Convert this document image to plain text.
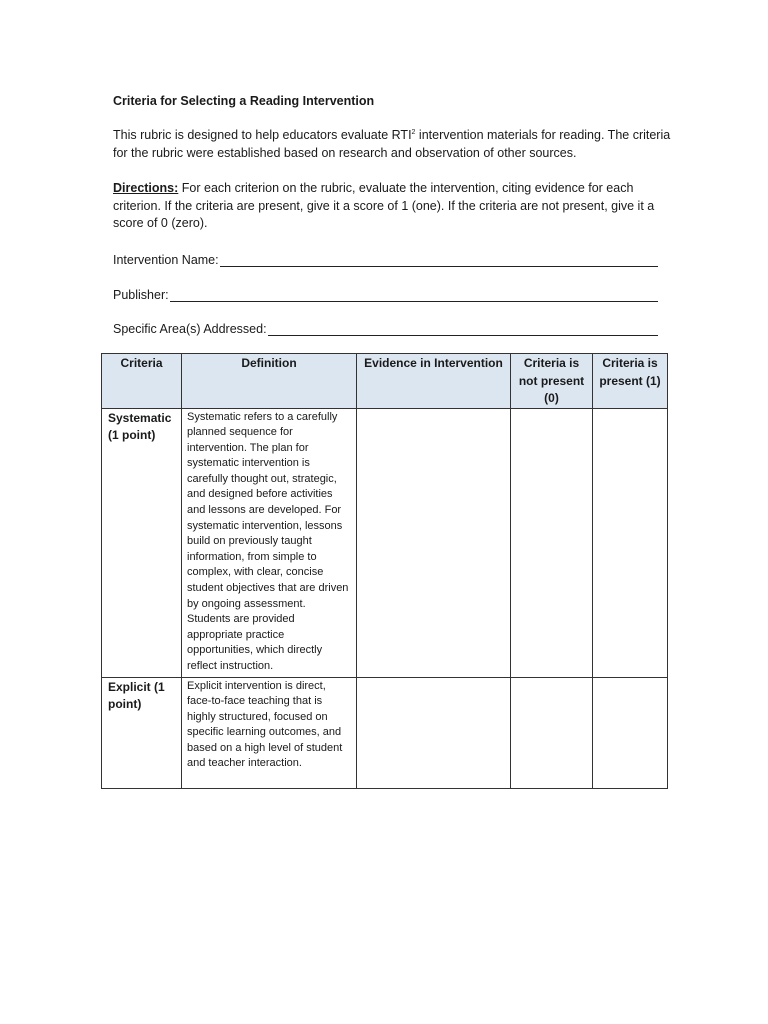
Criteria for Selecting a Reading Intervention
This rubric is designed to help educators evaluate RTI$^2$ intervention materials for reading. The criteria for the rubric were established based on research and observation of other sources.
Directions: For each criterion on the rubric, evaluate the intervention, citing evidence for each criterion. If the criteria are present, give it a score of 1 (one). If the criteria are not present, give it a score of 0 (zero).
Intervention Name:
Publisher:
Specific Area(s) Addressed:
Criteria	Definition	Evidence in Intervention	Criteria is not present (0)	Criteria is present (1)
Systematic (1 point)	Systematic refers to a carefully planned sequence for intervention. The plan for systematic intervention is carefully thought out, strategic, and designed before activities and lessons are developed. For systematic intervention, lessons build on previously taught information, from simple to complex, with clear, concise student objectives that are driven by ongoing assessment. Students are provided appropriate practice opportunities, which directly reflect instruction.			
Explicit (1 point)	Explicit intervention is direct, face-to-face teaching that is highly structured, focused on specific learning outcomes, and based on a high level of student and teacher interaction.			
